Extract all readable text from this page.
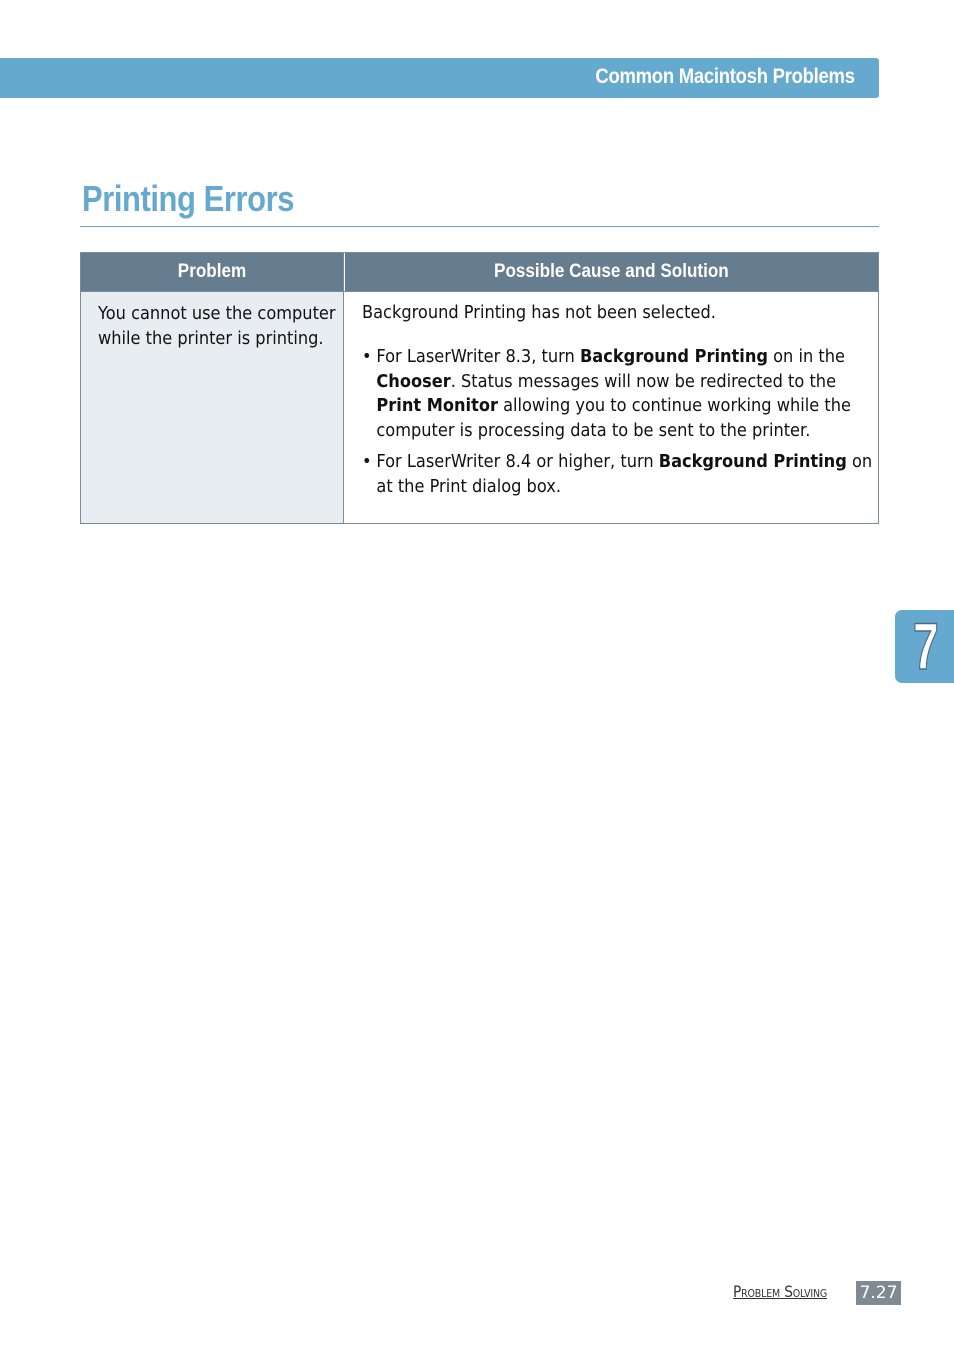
Common Macintosh Problems
Printing Errors
Problem	Possible Cause and Solution
You cannot use the computer while the printer is printing.
Background Printing has not been selected.
• For LaserWriter 8.3, turn Background Printing on in the Chooser. Status messages will now be redirected to the Print Monitor allowing you to continue working while the computer is processing data to be sent to the printer.
• For LaserWriter 8.4 or higher, turn Background Printing on at the Print dialog box.
7
Problem Solving 7.27
